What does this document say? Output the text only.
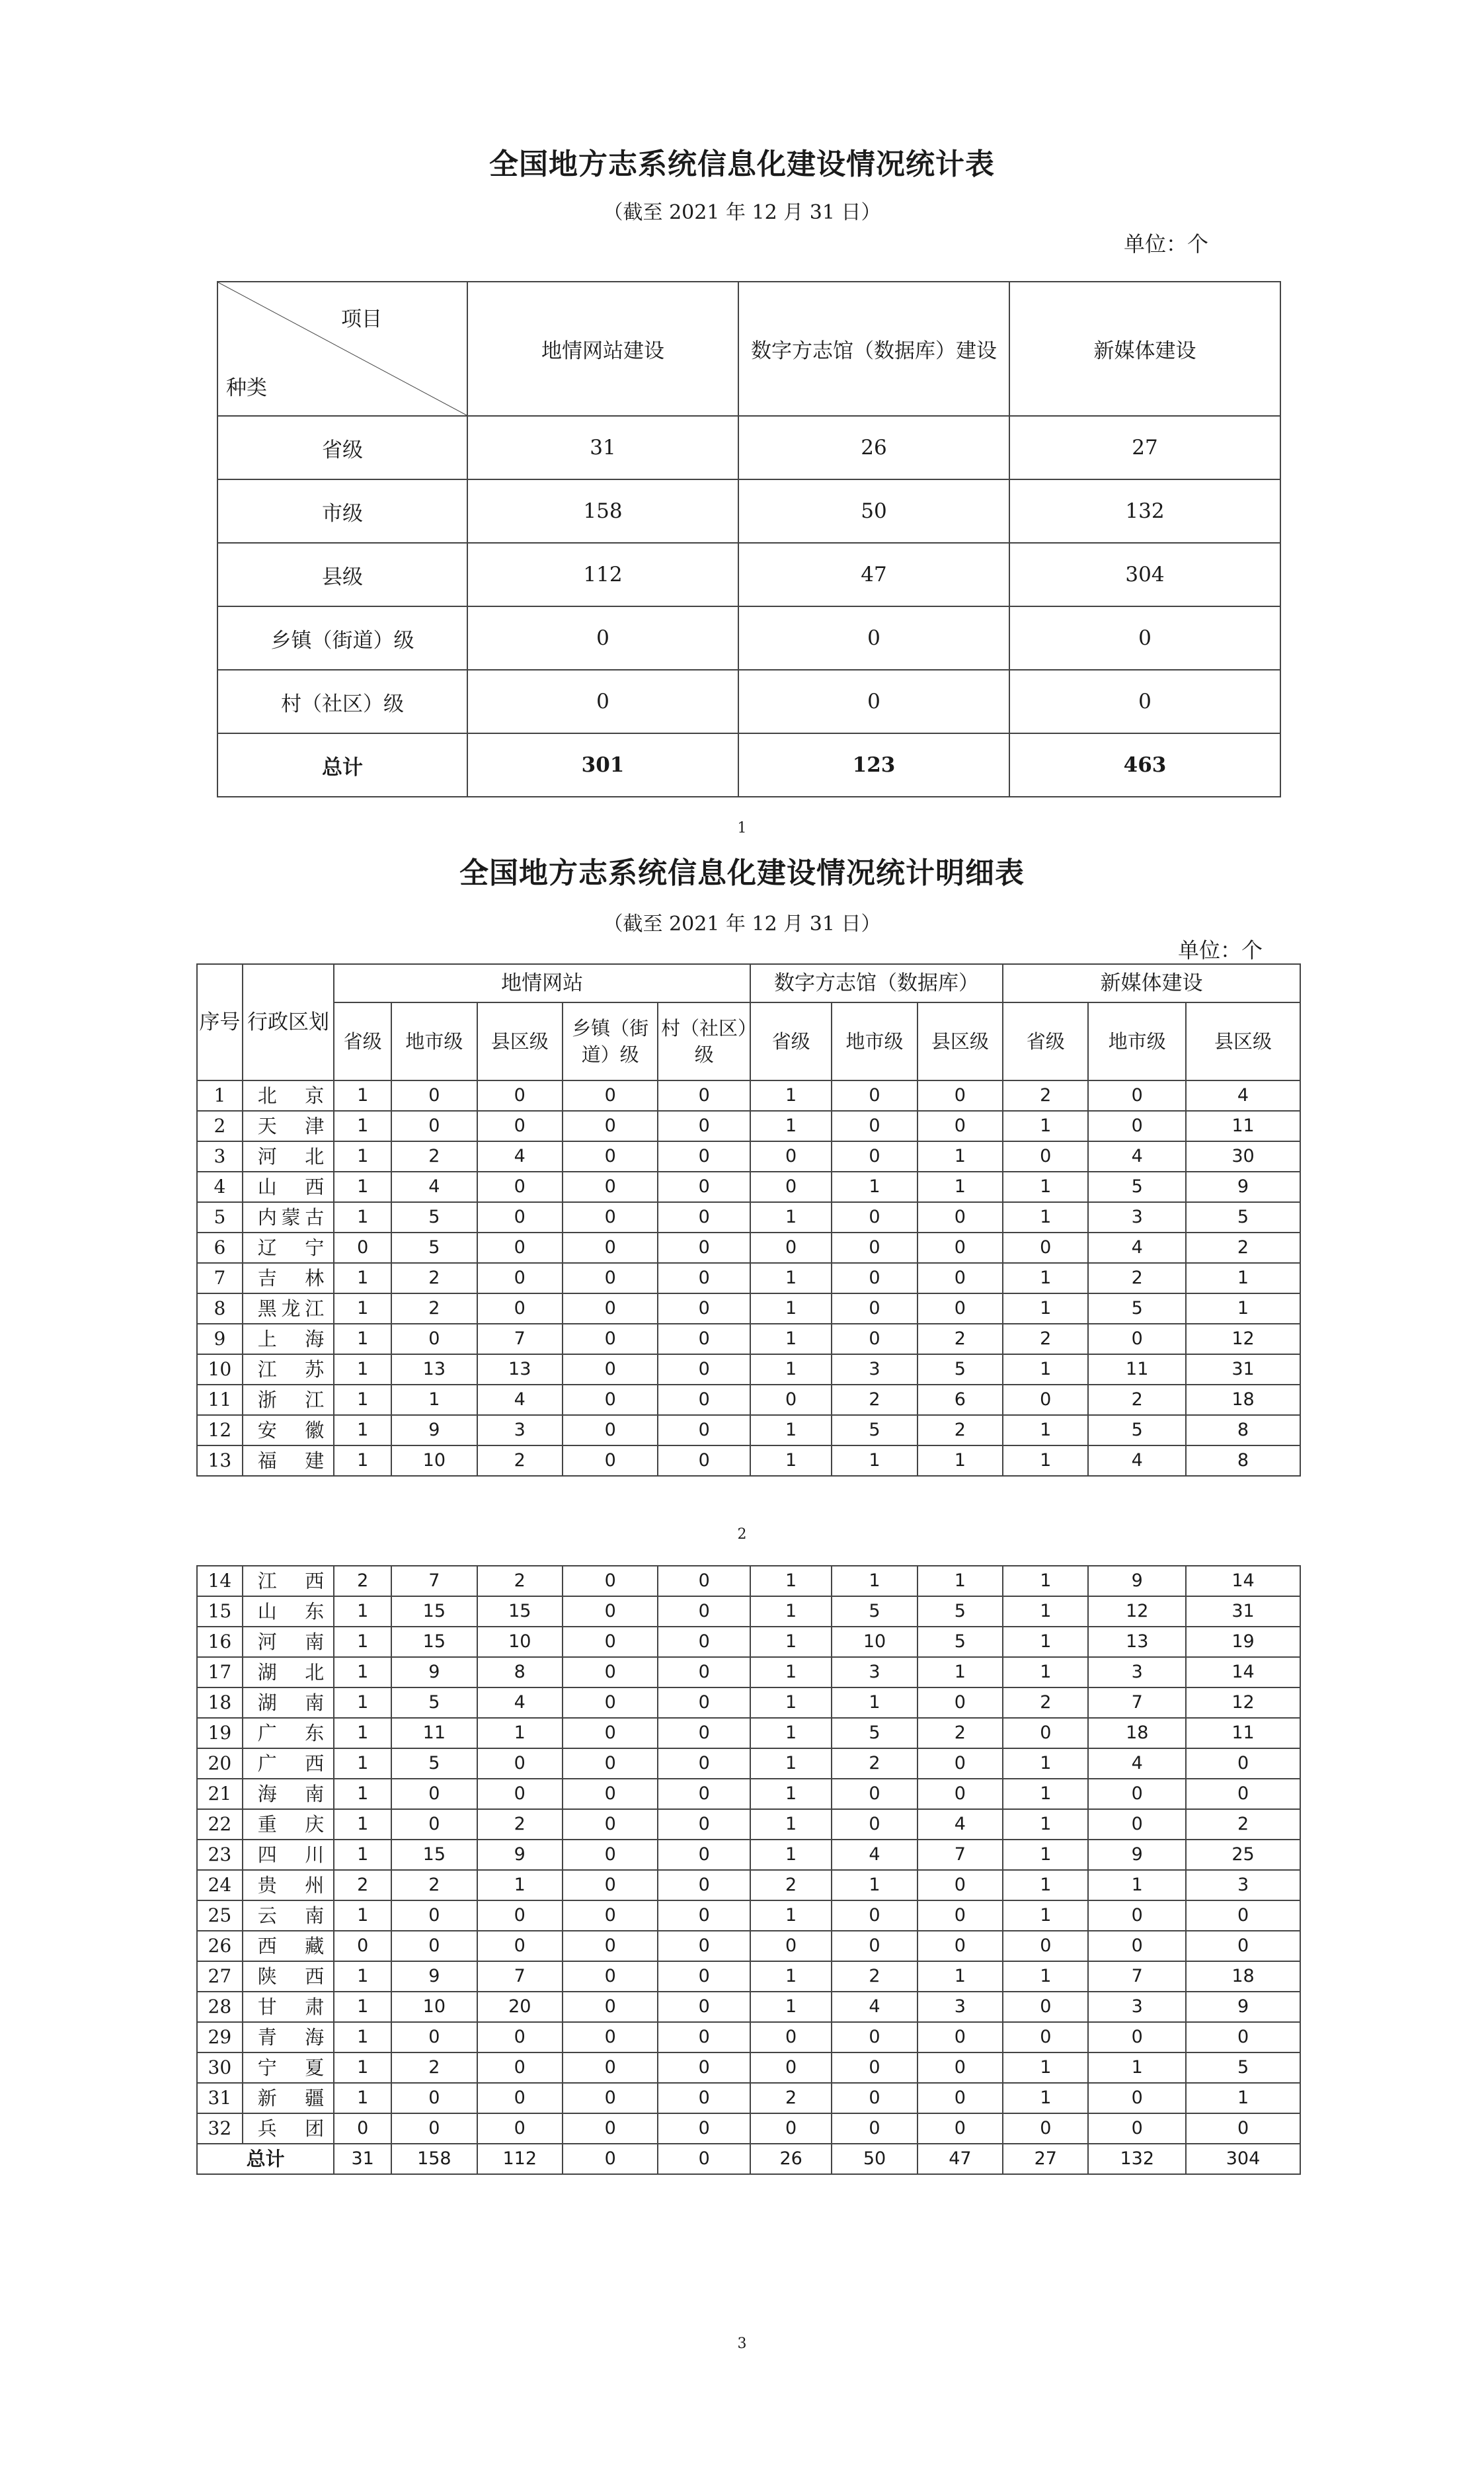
全国地方志系统信息化建设情况统计表
（截至 2021 年 12 月 31 日）
单位：个
项目
种类	地情网站建设	数字方志馆（数据库）建设	新媒体建设
省级	31	26	27
市级	158	50	132
县级	112	47	304
乡镇（街道）级	0	0	0
村（社区）级	0	0	0
总计	301	123	463
1
全国地方志系统信息化建设情况统计明细表
（截至 2021 年 12 月 31 日）
单位：个
序号	行政区划	地情网站					数字方志馆（数据库）			新媒体建设		
		省级	地市级	县区级	乡镇（街道）级	村（社区）级	省级	地市级	县区级	省级	地市级	县区级
1	北京	1	0	0	0	0	1	0	0	2	0	4
2	天津	1	0	0	0	0	1	0	0	1	0	11
3	河北	1	2	4	0	0	0	0	1	0	4	30
4	山西	1	4	0	0	0	0	1	1	1	5	9
5	内蒙古	1	5	0	0	0	1	0	0	1	3	5
6	辽宁	0	5	0	0	0	0	0	0	0	4	2
7	吉林	1	2	0	0	0	1	0	0	1	2	1
8	黑龙江	1	2	0	0	0	1	0	0	1	5	1
9	上海	1	0	7	0	0	1	0	2	2	0	12
10	江苏	1	13	13	0	0	1	3	5	1	11	31
11	浙江	1	1	4	0	0	0	2	6	0	2	18
12	安徽	1	9	3	0	0	1	5	2	1	5	8
13	福建	1	10	2	0	0	1	1	1	1	4	8
2
14	江西	2	7	2	0	0	1	1	1	1	9	14
15	山东	1	15	15	0	0	1	5	5	1	12	31
16	河南	1	15	10	0	0	1	10	5	1	13	19
17	湖北	1	9	8	0	0	1	3	1	1	3	14
18	湖南	1	5	4	0	0	1	1	0	2	7	12
19	广东	1	11	1	0	0	1	5	2	0	18	11
20	广西	1	5	0	0	0	1	2	0	1	4	0
21	海南	1	0	0	0	0	1	0	0	1	0	0
22	重庆	1	0	2	0	0	1	0	4	1	0	2
23	四川	1	15	9	0	0	1	4	7	1	9	25
24	贵州	2	2	1	0	0	2	1	0	1	1	3
25	云南	1	0	0	0	0	1	0	0	1	0	0
26	西藏	0	0	0	0	0	0	0	0	0	0	0
27	陕西	1	9	7	0	0	1	2	1	1	7	18
28	甘肃	1	10	20	0	0	1	4	3	0	3	9
29	青海	1	0	0	0	0	0	0	0	0	0	0
30	宁夏	1	2	0	0	0	0	0	0	1	1	5
31	新疆	1	0	0	0	0	2	0	0	1	0	1
32	兵团	0	0	0	0	0	0	0	0	0	0	0
总计		31	158	112	0	0	26	50	47	27	132	304
3
